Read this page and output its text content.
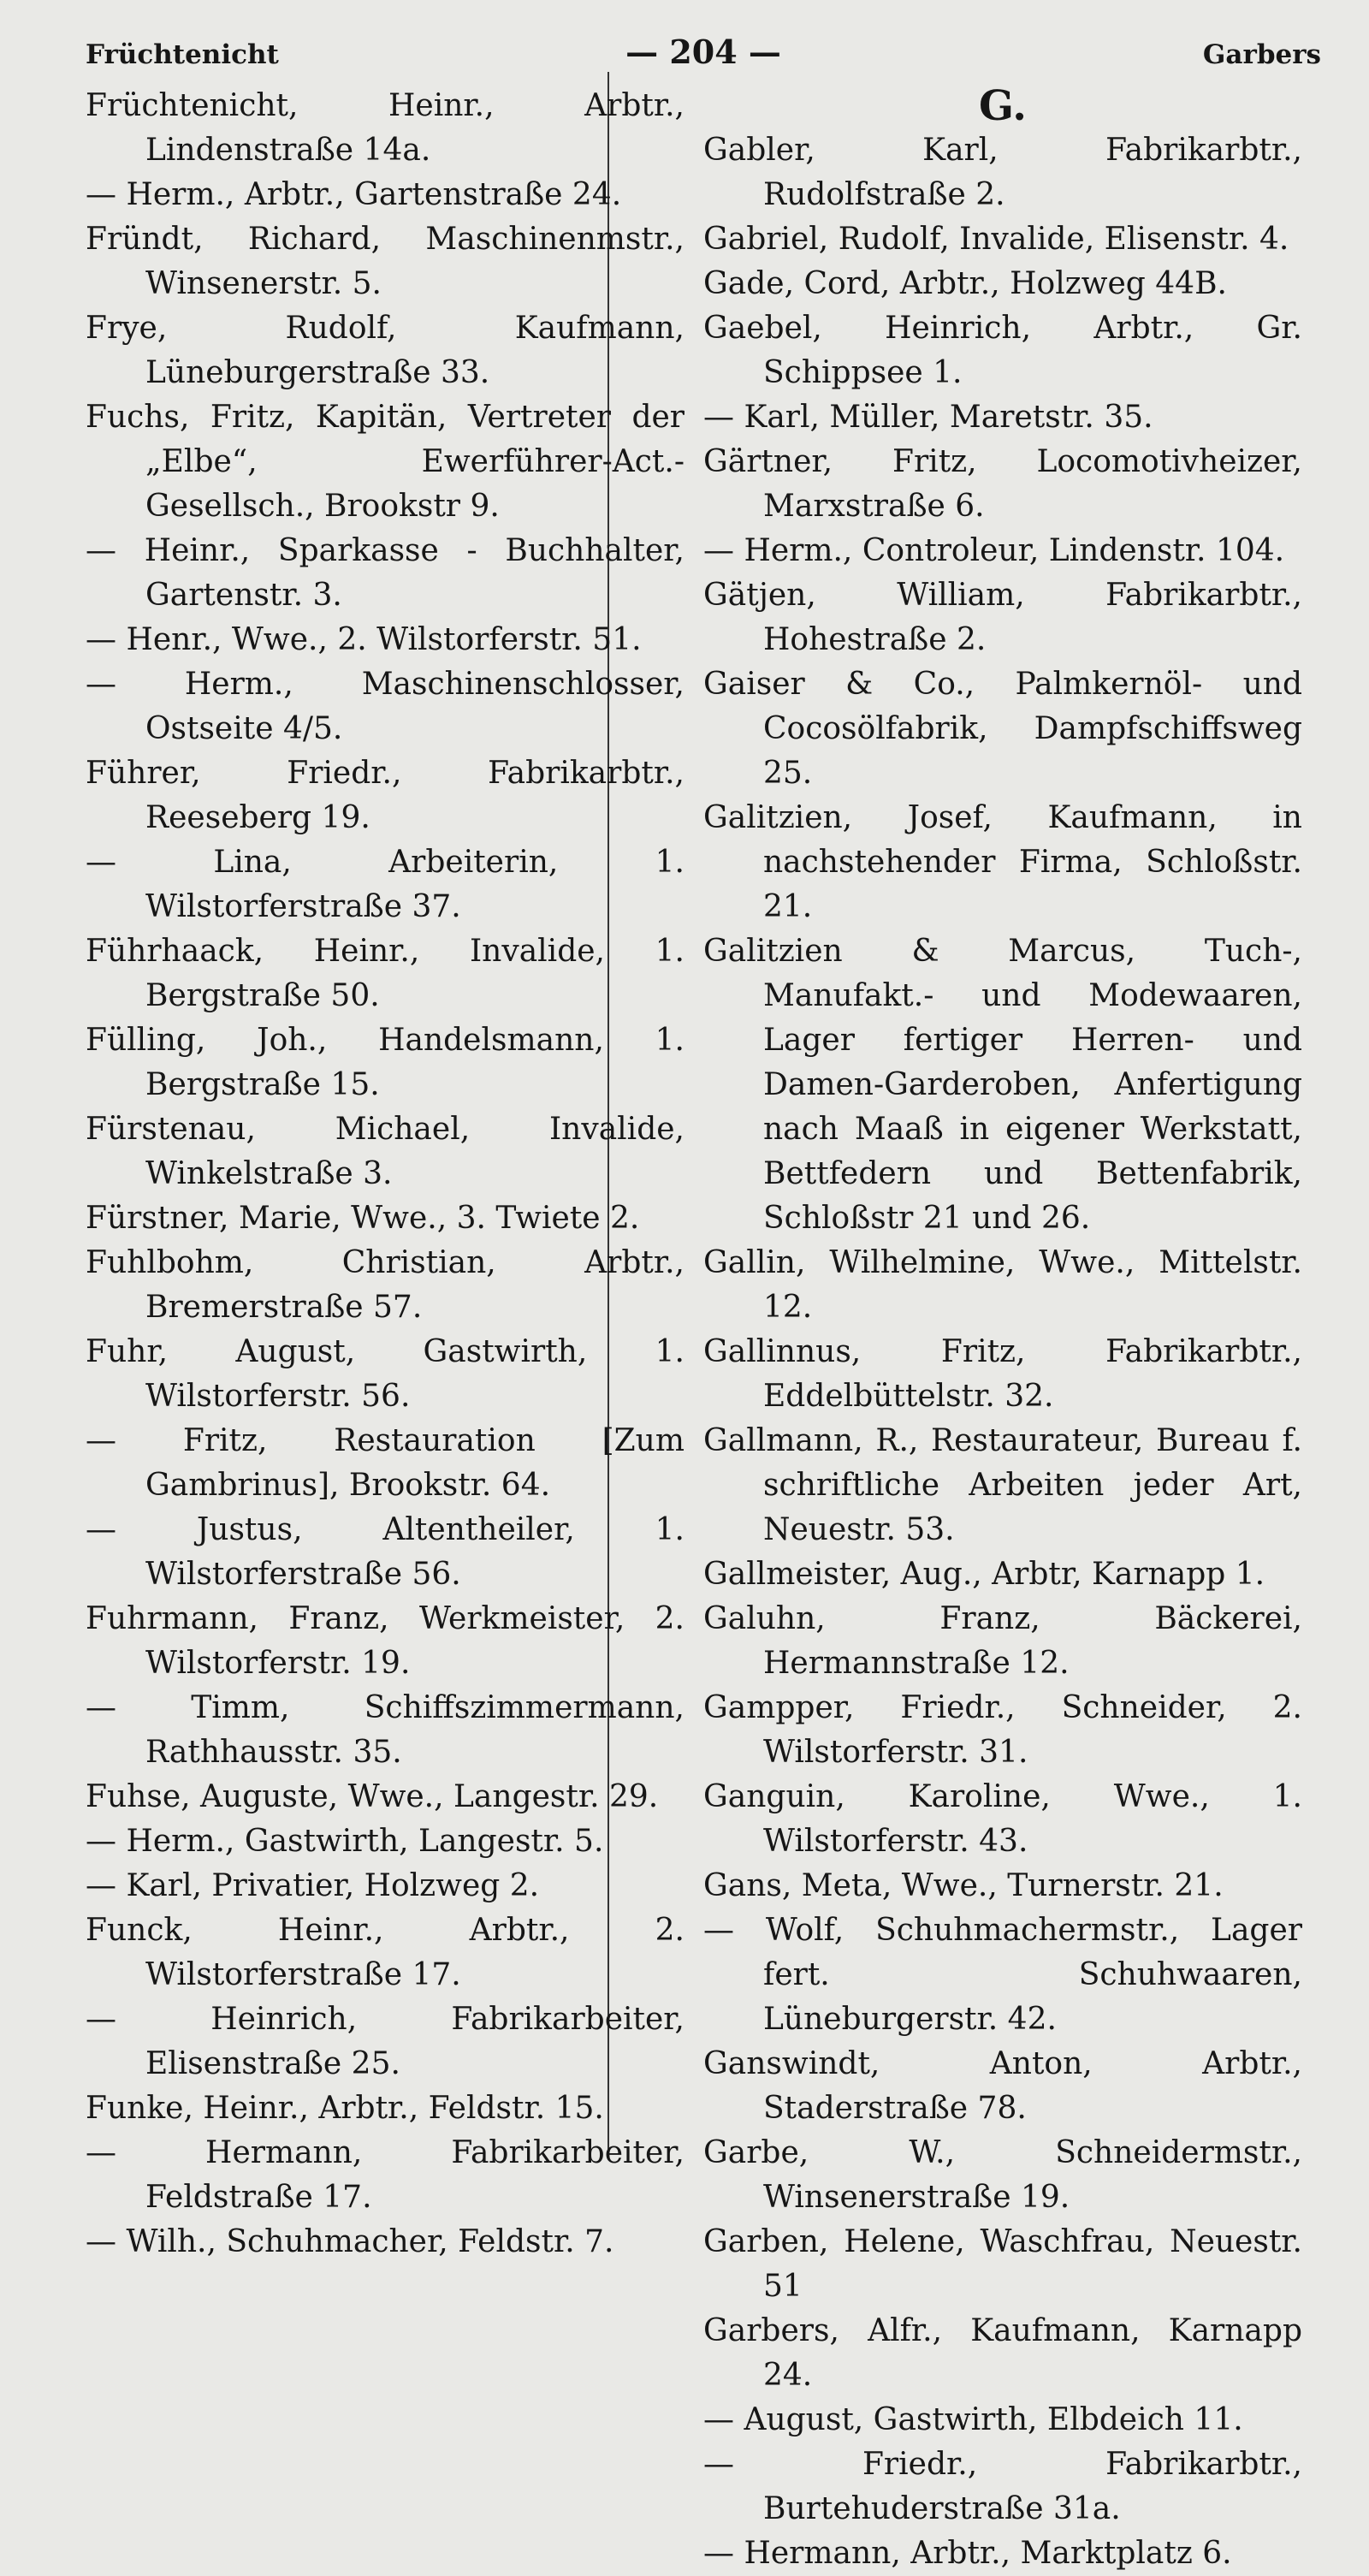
Früchtenicht	— 204 —	Garbers
Früchtenicht, Heinr., Arbtr., Lindenstraße 14a.
— Herm., Arbtr., Gartenstraße 24.
Fründt, Richard, Maschinenmstr., Winsenerstr. 5.
Frye, Rudolf, Kaufmann, Lüneburgerstraße 33.
Fuchs, Fritz, Kapitän, Vertreter der „Elbe“, Ewerführer-Act.-Gesellsch., Brookstr 9.
— Heinr., Sparkasse - Buchhalter, Gartenstr. 3.
— Henr., Wwe., 2. Wilstorferstr. 51.
— Herm., Maschinenschlosser, Ostseite 4/5.
Führer, Friedr., Fabrikarbtr., Reeseberg 19.
— Lina, Arbeiterin, 1. Wilstorferstraße 37.
Führhaack, Heinr., Invalide, 1. Bergstraße 50.
Fülling, Joh., Handelsmann, 1. Bergstraße 15.
Fürstenau, Michael, Invalide, Winkelstraße 3.
Fürstner, Marie, Wwe., 3. Twiete 2.
Fuhlbohm, Christian, Arbtr., Bremerstraße 57.
Fuhr, August, Gastwirth, 1. Wilstorferstr. 56.
— Fritz, Restauration [Zum Gambrinus], Brookstr. 64.
— Justus, Altentheiler, 1. Wilstorferstraße 56.
Fuhrmann, Franz, Werkmeister, 2. Wilstorferstr. 19.
— Timm, Schiffszimmermann, Rathhausstr. 35.
Fuhse, Auguste, Wwe., Langestr. 29.
— Herm., Gastwirth, Langestr. 5.
— Karl, Privatier, Holzweg 2.
Funck, Heinr., Arbtr., 2. Wilstorferstraße 17.
— Heinrich, Fabrikarbeiter, Elisenstraße 25.
Funke, Heinr., Arbtr., Feldstr. 15.
— Hermann, Fabrikarbeiter, Feldstraße 17.
— Wilh., Schuhmacher, Feldstr. 7.
G.
Gabler, Karl, Fabrikarbtr., Rudolfstraße 2.
Gabriel, Rudolf, Invalide, Elisenstr. 4.
Gade, Cord, Arbtr., Holzweg 44B.
Gaebel, Heinrich, Arbtr., Gr. Schippsee 1.
— Karl, Müller, Maretstr. 35.
Gärtner, Fritz, Locomotivheizer, Marxstraße 6.
— Herm., Controleur, Lindenstr. 104.
Gätjen, William, Fabrikarbtr., Hohestraße 2.
Gaiser & Co., Palmkernöl- und Cocosölfabrik, Dampfschiffsweg 25.
Galitzien, Josef, Kaufmann, in nachstehender Firma, Schloßstr. 21.
Galitzien & Marcus, Tuch-, Manufakt.- und Modewaaren, Lager fertiger Herren- und Damen-Garderoben, Anfertigung nach Maaß in eigener Werkstatt, Bettfedern und Bettenfabrik, Schloßstr 21 und 26.
Gallin, Wilhelmine, Wwe., Mittelstr. 12.
Gallinnus, Fritz, Fabrikarbtr., Eddelbüttelstr. 32.
Gallmann, R., Restaurateur, Bureau f. schriftliche Arbeiten jeder Art, Neuestr. 53.
Gallmeister, Aug., Arbtr, Karnapp 1.
Galuhn, Franz, Bäckerei, Hermannstraße 12.
Gampper, Friedr., Schneider, 2. Wilstorferstr. 31.
Ganguin, Karoline, Wwe., 1. Wilstorferstr. 43.
Gans, Meta, Wwe., Turnerstr. 21.
— Wolf, Schuhmachermstr., Lager fert. Schuhwaaren, Lüneburgerstr. 42.
Ganswindt, Anton, Arbtr., Staderstraße 78.
Garbe, W., Schneidermstr., Winsenerstraße 19.
Garben, Helene, Waschfrau, Neuestr. 51
Garbers, Alfr., Kaufmann, Karnapp 24.
— August, Gastwirth, Elbdeich 11.
— Friedr., Fabrikarbtr., Burtehuderstraße 31a.
— Hermann, Arbtr., Marktplatz 6.
